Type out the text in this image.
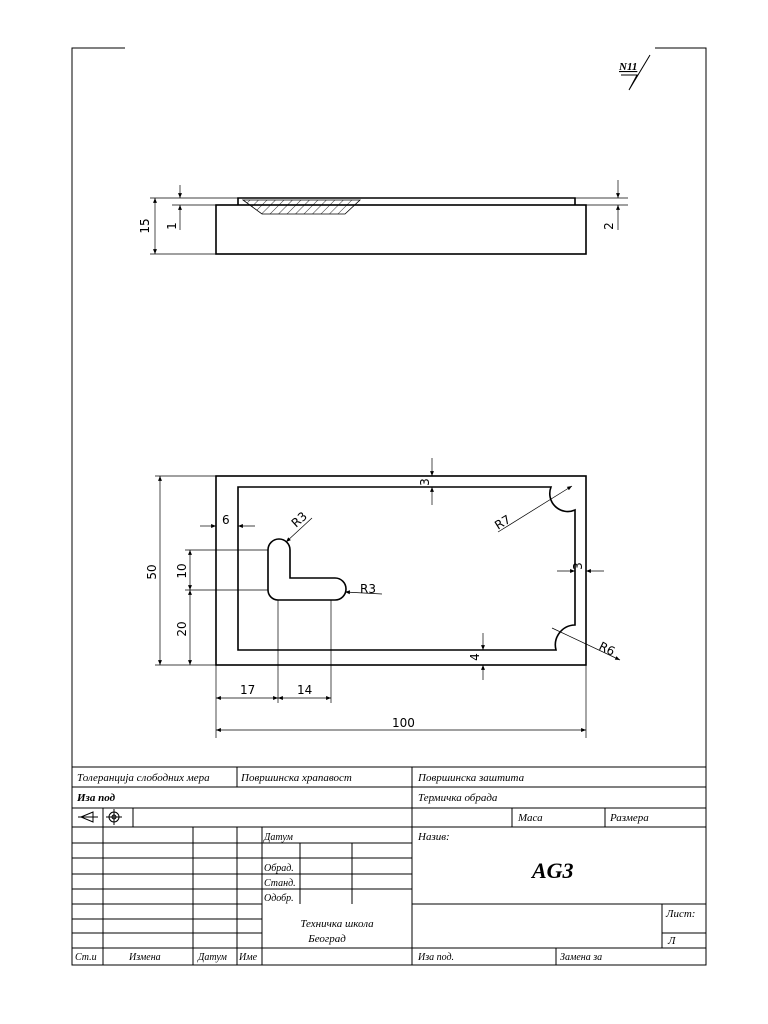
N11
15 1	2
50 10
20
6
3
3
4
R3
R3
R7
R6
17	14
100
Толеранција слободних мера	Површинска храпавост	Површинска заштита
Иза под	Термичка обрада
Маса	Размера
Назив:
AG3
Датум
Обрад.
Станд.
Одобр.
Техничка школа
Београд
Лист:
Л
Ст.и	Измена	Датум Име	Иза под.	Замена за
